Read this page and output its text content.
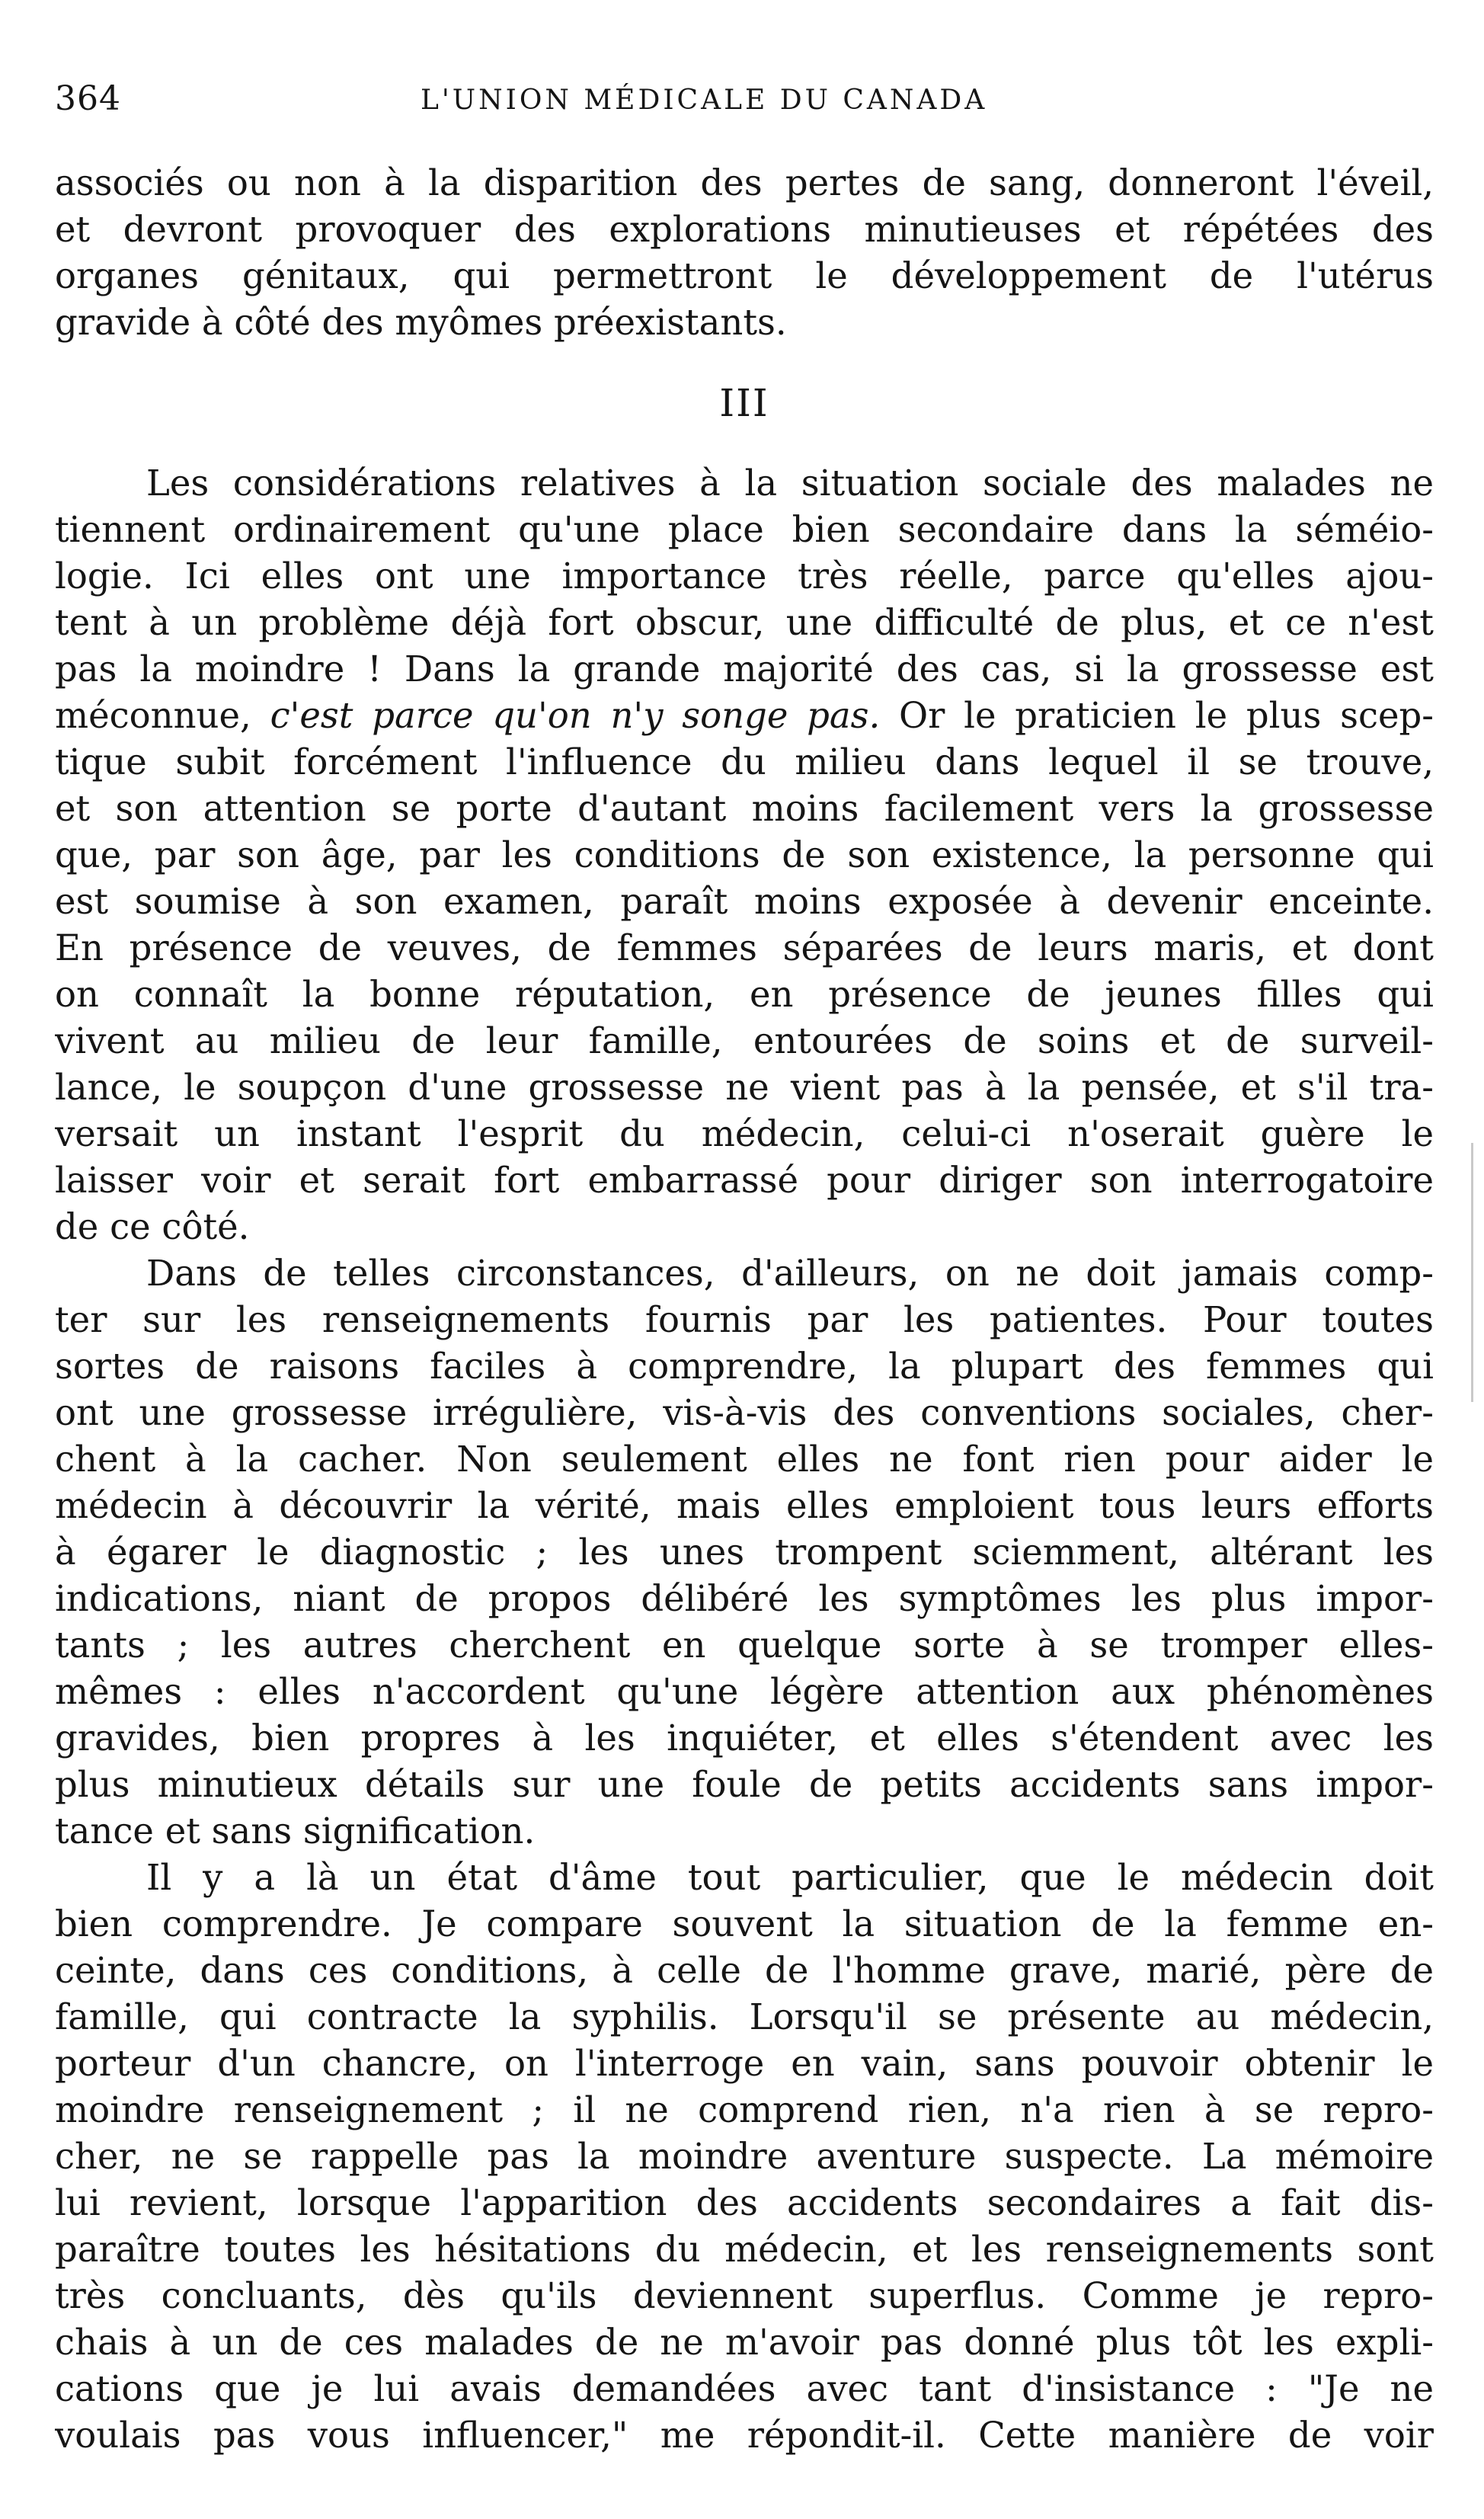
364	L'UNION MÉDICALE DU CANADA
associés ou non à la disparition des pertes de sang, donneront l'éveil,
et devront provoquer des explorations minutieuses et répétées des
organes génitaux, qui permettront le développement de l'utérus
gravide à côté des myômes préexistants.
III
Les considérations relatives à la situation sociale des malades ne
tiennent ordinairement qu'une place bien secondaire dans la séméio-
logie. Ici elles ont une importance très réelle, parce qu'elles ajou-
tent à un problème déjà fort obscur, une difficulté de plus, et ce n'est
pas la moindre ! Dans la grande majorité des cas, si la grossesse est
méconnue, c'est parce qu'on n'y songe pas. Or le praticien le plus scep-
tique subit forcément l'influence du milieu dans lequel il se trouve,
et son attention se porte d'autant moins facilement vers la grossesse
que, par son âge, par les conditions de son existence, la personne qui
est soumise à son examen, paraît moins exposée à devenir enceinte.
En présence de veuves, de femmes séparées de leurs maris, et dont
on connaît la bonne réputation, en présence de jeunes filles qui
vivent au milieu de leur famille, entourées de soins et de surveil-
lance, le soupçon d'une grossesse ne vient pas à la pensée, et s'il tra-
versait un instant l'esprit du médecin, celui-ci n'oserait guère le
laisser voir et serait fort embarrassé pour diriger son interrogatoire
de ce côté.
Dans de telles circonstances, d'ailleurs, on ne doit jamais comp-
ter sur les renseignements fournis par les patientes. Pour toutes
sortes de raisons faciles à comprendre, la plupart des femmes qui
ont une grossesse irrégulière, vis-à-vis des conventions sociales, cher-
chent à la cacher. Non seulement elles ne font rien pour aider le
médecin à découvrir la vérité, mais elles emploient tous leurs efforts
à égarer le diagnostic ; les unes trompent sciemment, altérant les
indications, niant de propos délibéré les symptômes les plus impor-
tants ; les autres cherchent en quelque sorte à se tromper elles-
mêmes : elles n'accordent qu'une légère attention aux phénomènes
gravides, bien propres à les inquiéter, et elles s'étendent avec les
plus minutieux détails sur une foule de petits accidents sans impor-
tance et sans signification.
Il y a là un état d'âme tout particulier, que le médecin doit
bien comprendre. Je compare souvent la situation de la femme en-
ceinte, dans ces conditions, à celle de l'homme grave, marié, père de
famille, qui contracte la syphilis. Lorsqu'il se présente au médecin,
porteur d'un chancre, on l'interroge en vain, sans pouvoir obtenir le
moindre renseignement ; il ne comprend rien, n'a rien à se repro-
cher, ne se rappelle pas la moindre aventure suspecte. La mémoire
lui revient, lorsque l'apparition des accidents secondaires a fait dis-
paraître toutes les hésitations du médecin, et les renseignements sont
très concluants, dès qu'ils deviennent superflus. Comme je repro-
chais à un de ces malades de ne m'avoir pas donné plus tôt les expli-
cations que je lui avais demandées avec tant d'insistance : "Je ne
voulais pas vous influencer," me répondit-il. Cette manière de voir
